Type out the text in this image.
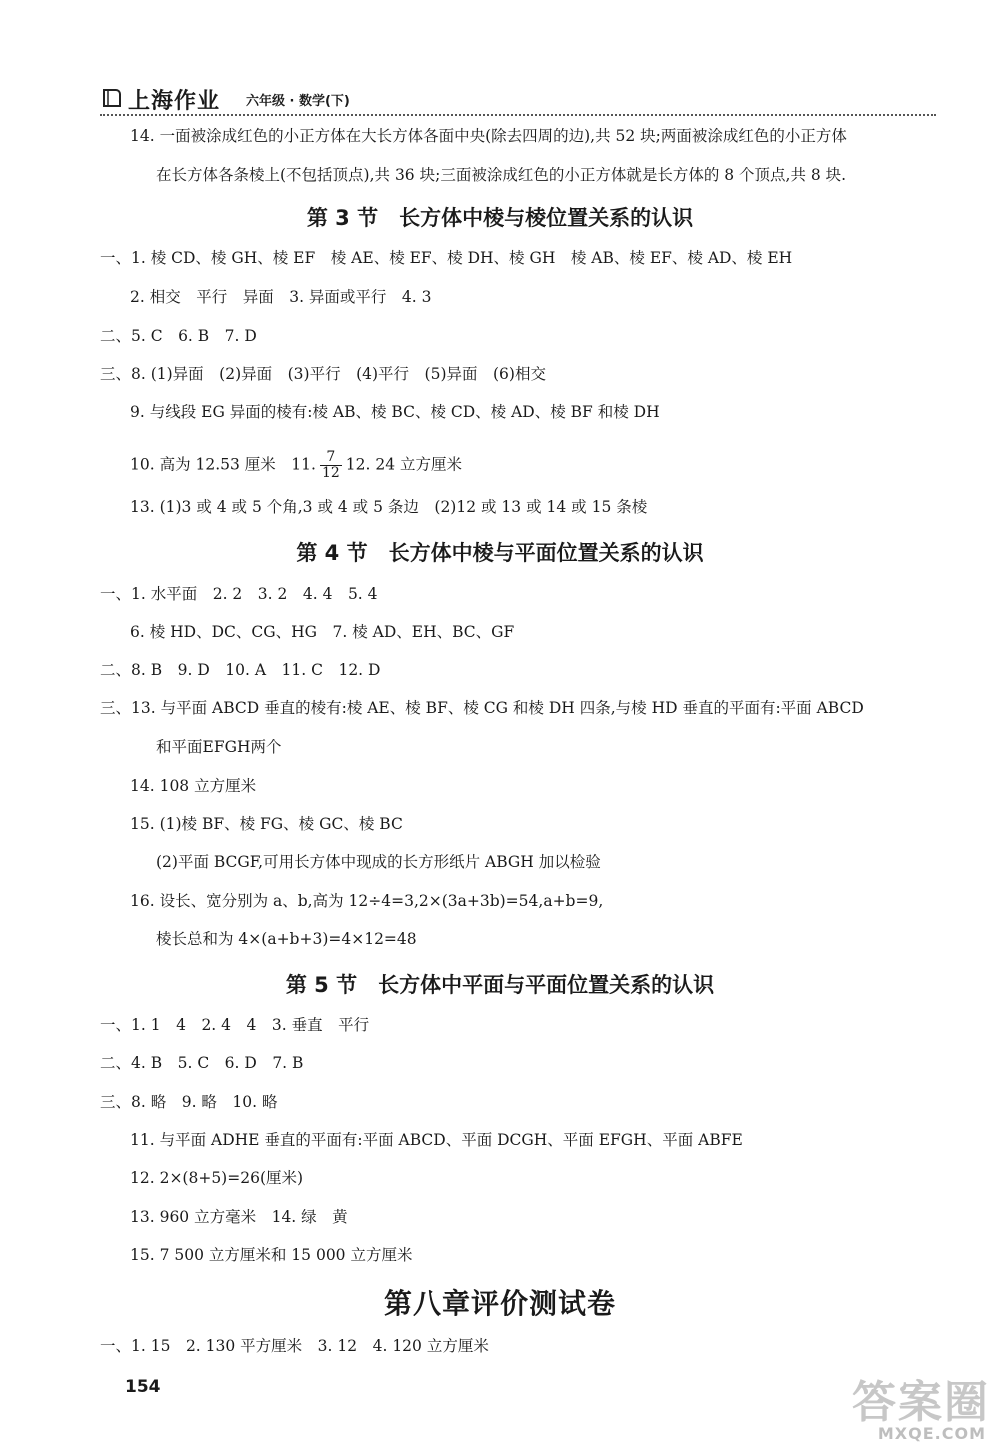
上海作业 六年级 · 数学(下)
14. 一面被涂成红色的小正方体在大长方体各面中央(除去四周的边),共 52 块;两面被涂成红色的小正方体
在长方体各条棱上(不包括顶点),共 36 块;三面被涂成红色的小正方体就是长方体的 8 个顶点,共 8 块.
第 3 节　长方体中棱与棱位置关系的认识
一、1. 棱 CD、棱 GH、棱 EF　棱 AE、棱 EF、棱 DH、棱 GH　棱 AB、棱 EF、棱 AD、棱 EH
2. 相交　平行　异面　3. 异面或平行　4. 3
二、5. C　6. B　7. D
三、8. (1)异面　(2)异面　(3)平行　(4)平行　(5)异面　(6)相交
9. 与线段 EG 异面的棱有:棱 AB、棱 BC、棱 CD、棱 AD、棱 BF 和棱 DH
10. 高为 12.53 厘米　11. $\frac{7}{12} 12$. 24 立方厘米
13. (1)3 或 4 或 5 个角,3 或 4 或 5 条边　(2)12 或 13 或 14 或 15 条棱
第 4 节　长方体中棱与平面位置关系的认识
一、1. 水平面　2. 2　3. 2　4. 4　5. 4
6. 棱 HD、DC、CG、HG　7. 棱 AD、EH、BC、GF
二、8. B　9. D　10. A　11. C　12. D
三、13. 与平面 ABCD 垂直的棱有:棱 AE、棱 BF、棱 CG 和棱 DH 四条,与棱 HD 垂直的平面有:平面 ABCD
和平面EFGH两个
14. 108 立方厘米
15. (1)棱 BF、棱 FG、棱 GC、棱 BC
(2)平面 BCGF,可用长方体中现成的长方形纸片 ABGH 加以检验
16. 设长、宽分别为 a、b,高为 12÷4=3,2×(3a+3b)=54,a+b=9,
棱长总和为 4×(a+b+3)=4×12=48
第 5 节　长方体中平面与平面位置关系的认识
一、1. 1　4　2. 4　4　3. 垂直　平行
二、4. B　5. C　6. D　7. B
三、8. 略　9. 略　10. 略
11. 与平面 ADHE 垂直的平面有:平面 ABCD、平面 DCGH、平面 EFGH、平面 ABFE
12. 2×(8+5)=26(厘米)
13. 960 立方毫米　14. 绿　黄
15. 7 500 立方厘米和 15 000 立方厘米
第八章评价测试卷
一、1. 15　2. 130 平方厘米　3. 12　4. 120 立方厘米
154	答案圈
MXQE.COM
